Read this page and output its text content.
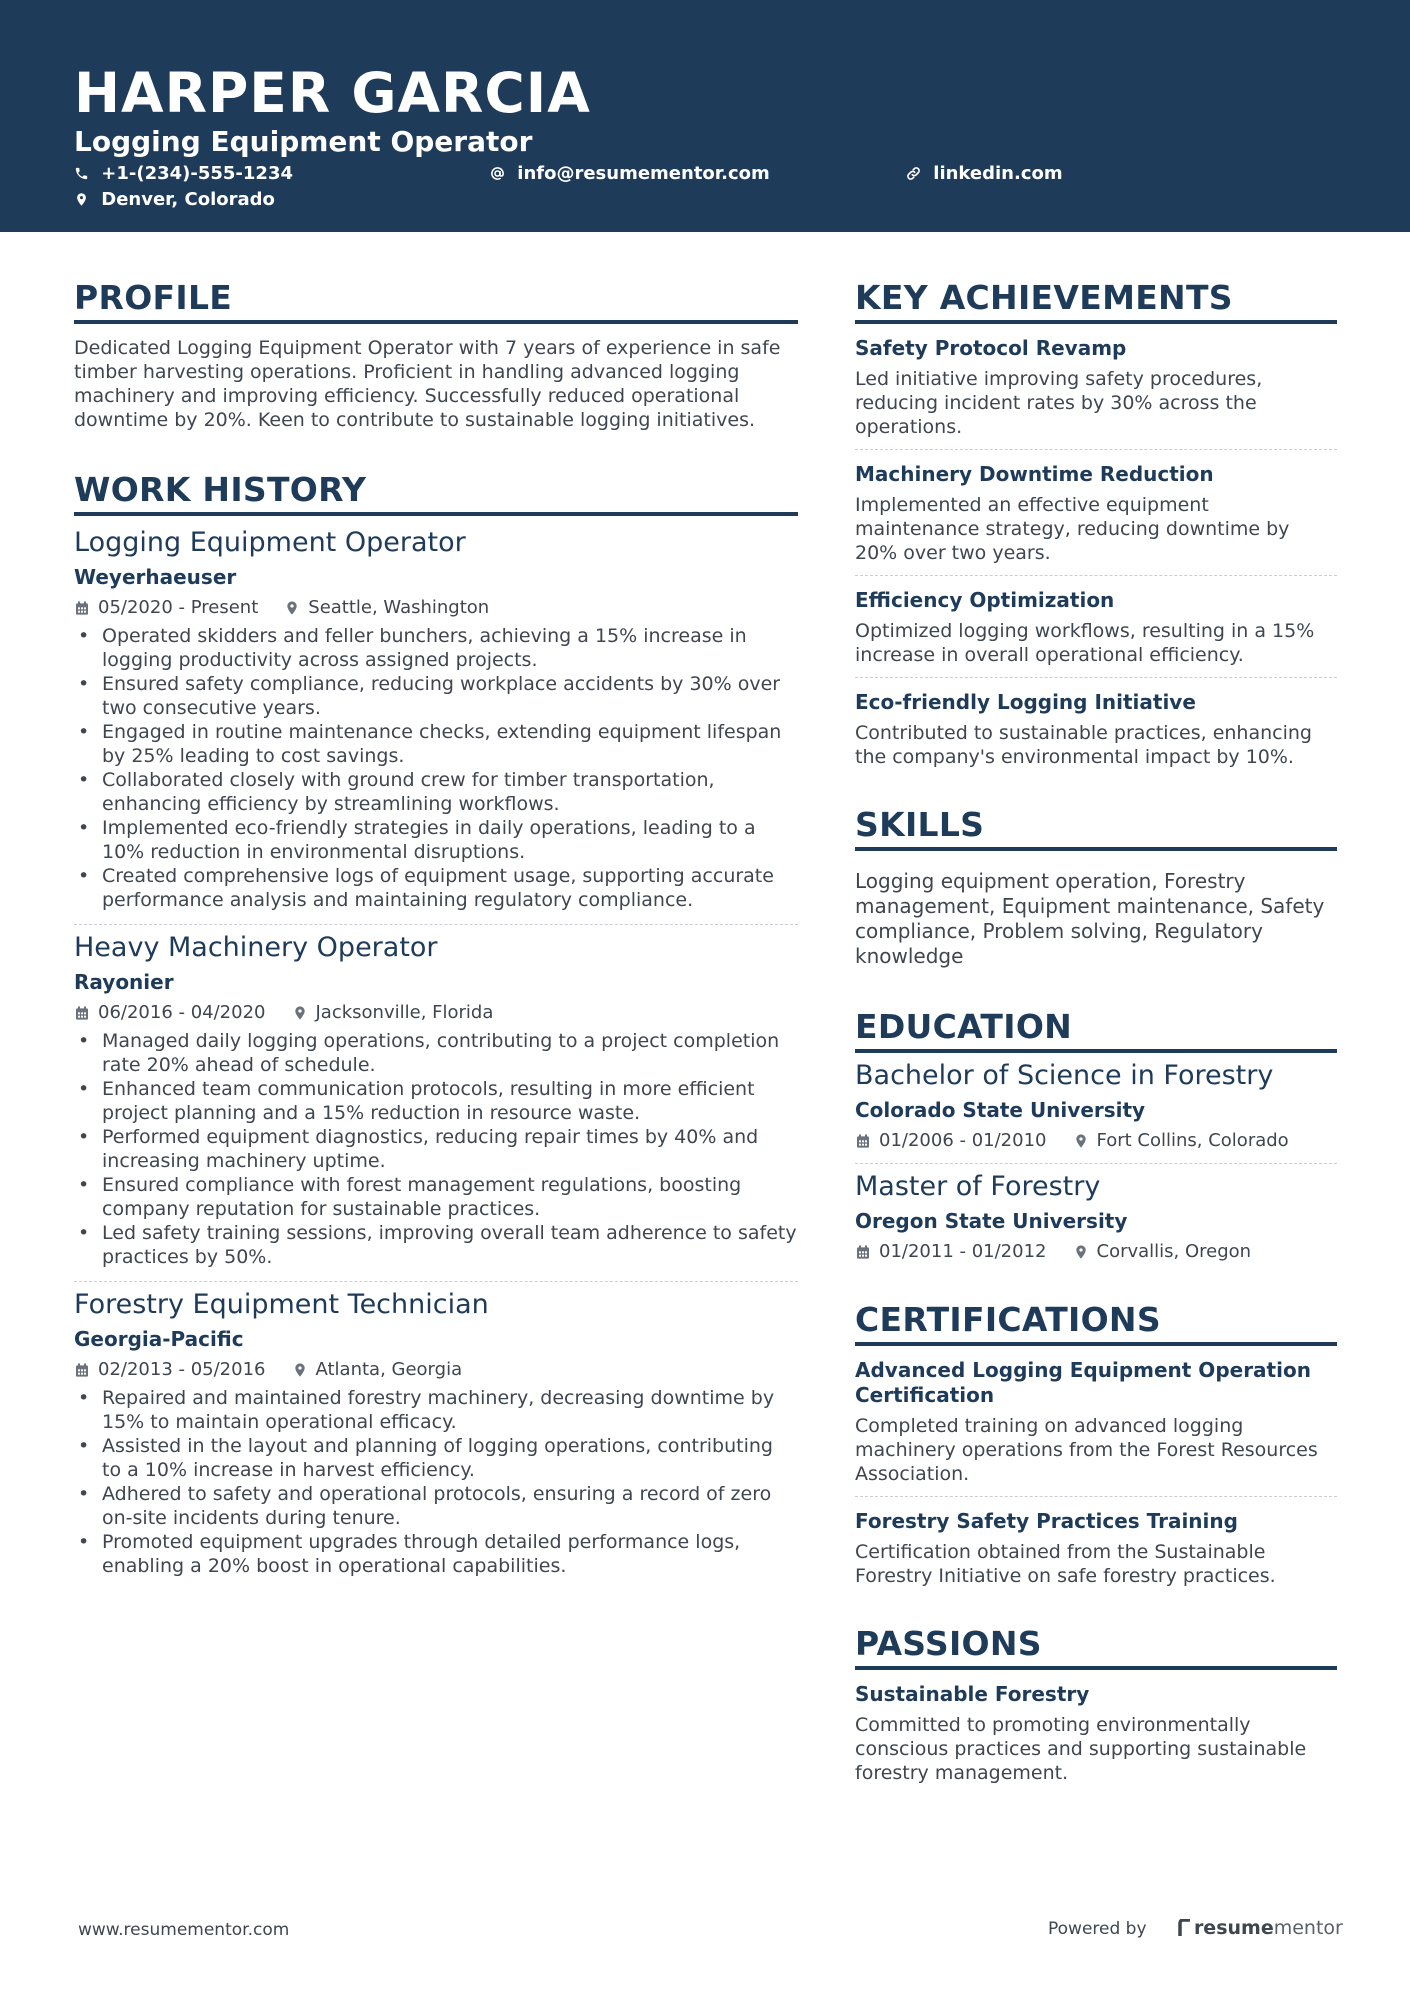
HARPER GARCIA
Logging Equipment Operator
+1-(234)-555-1234	info@resumementor.com	linkedin.com
Denver, Colorado
PROFILE
Dedicated Logging Equipment Operator with 7 years of experience in safe timber harvesting operations. Proficient in handling advanced logging machinery and improving efficiency. Successfully reduced operational downtime by 20%. Keen to contribute to sustainable logging initiatives.
WORK HISTORY
Logging Equipment Operator
Weyerhaeuser
05/2020 - Present	Seattle, Washington
• Operated skidders and feller bunchers, achieving a 15% increase in logging productivity across assigned projects.
• Ensured safety compliance, reducing workplace accidents by 30% over two consecutive years.
• Engaged in routine maintenance checks, extending equipment lifespan by 25% leading to cost savings.
• Collaborated closely with ground crew for timber transportation, enhancing efficiency by streamlining workflows.
• Implemented eco-friendly strategies in daily operations, leading to a 10% reduction in environmental disruptions.
• Created comprehensive logs of equipment usage, supporting accurate performance analysis and maintaining regulatory compliance.
Heavy Machinery Operator
Rayonier
06/2016 - 04/2020	Jacksonville, Florida
• Managed daily logging operations, contributing to a project completion rate 20% ahead of schedule.
• Enhanced team communication protocols, resulting in more efficient project planning and a 15% reduction in resource waste.
• Performed equipment diagnostics, reducing repair times by 40% and increasing machinery uptime.
• Ensured compliance with forest management regulations, boosting company reputation for sustainable practices.
• Led safety training sessions, improving overall team adherence to safety practices by 50%.
Forestry Equipment Technician
Georgia-Pacific
02/2013 - 05/2016	Atlanta, Georgia
• Repaired and maintained forestry machinery, decreasing downtime by 15% to maintain operational efficacy.
• Assisted in the layout and planning of logging operations, contributing to a 10% increase in harvest efficiency.
• Adhered to safety and operational protocols, ensuring a record of zero on-site incidents during tenure.
• Promoted equipment upgrades through detailed performance logs, enabling a 20% boost in operational capabilities.
KEY ACHIEVEMENTS
Safety Protocol Revamp
Led initiative improving safety procedures, reducing incident rates by 30% across the operations.
Machinery Downtime Reduction
Implemented an effective equipment maintenance strategy, reducing downtime by 20% over two years.
Efficiency Optimization
Optimized logging workflows, resulting in a 15% increase in overall operational efficiency.
Eco-friendly Logging Initiative
Contributed to sustainable practices, enhancing the company's environmental impact by 10%.
SKILLS
Logging equipment operation, Forestry management, Equipment maintenance, Safety compliance, Problem solving, Regulatory knowledge
EDUCATION
Bachelor of Science in Forestry
Colorado State University
01/2006 - 01/2010	Fort Collins, Colorado
Master of Forestry
Oregon State University
01/2011 - 01/2012	Corvallis, Oregon
CERTIFICATIONS
Advanced Logging Equipment Operation Certification
Completed training on advanced logging machinery operations from the Forest Resources Association.
Forestry Safety Practices Training
Certification obtained from the Sustainable Forestry Initiative on safe forestry practices.
PASSIONS
Sustainable Forestry
Committed to promoting environmentally conscious practices and supporting sustainable forestry management.
www.resumementor.com	Powered by resumementor
